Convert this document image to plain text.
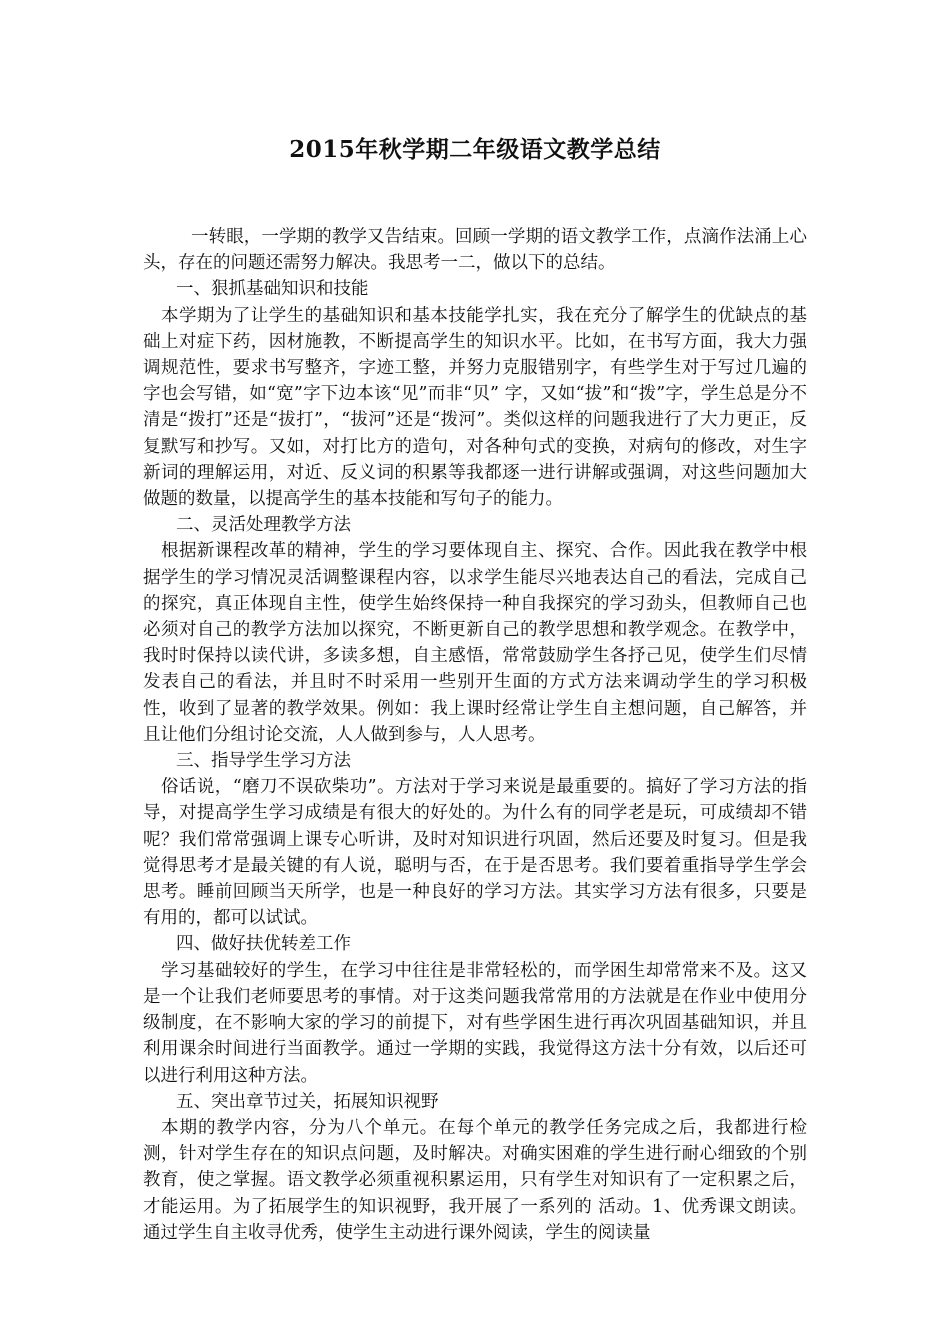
2015年秋学期二年级语文教学总结

一转眼，一学期的教学又告结束。回顾一学期的语文教学工作，点滴作法涌上心头，存在的问题还需努力解决。我思考一二，做以下的总结。

一、狠抓基础知识和技能

本学期为了让学生的基础知识和基本技能学扎实，我在充分了解学生的优缺点的基础上对症下药，因材施教，不断提高学生的知识水平。比如，在书写方面，我大力强调规范性，要求书写整齐，字迹工整，并努力克服错别字，有些学生对于写过几遍的字也会写错，如“宽”字下边本该“见”而非“贝” 字，又如“拔”和“拨”字，学生总是分不清是“拨打”还是“拔打”，“拔河”还是“拨河”。类似这样的问题我进行了大力更正，反复默写和抄写。又如，对打比方的造句，对各种句式的变换，对病句的修改，对生字新词的理解运用，对近、反义词的积累等我都逐一进行讲解或强调，对这些问题加大做题的数量，以提高学生的基本技能和写句子的能力。

二、灵活处理教学方法

根据新课程改革的精神，学生的学习要体现自主、探究、合作。因此我在教学中根据学生的学习情况灵活调整课程内容，以求学生能尽兴地表达自己的看法，完成自己的探究，真正体现自主性，使学生始终保持一种自我探究的学习劲头，但教师自己也必须对自己的教学方法加以探究，不断更新自己的教学思想和教学观念。在教学中，我时时保持以读代讲，多读多想，自主感悟，常常鼓励学生各抒己见，使学生们尽情发表自己的看法，并且时不时采用一些别开生面的方式方法来调动学生的学习积极性，收到了显著的教学效果。例如：我上课时经常让学生自主想问题，自己解答，并且让他们分组讨论交流，人人做到参与，人人思考。

三、指导学生学习方法

俗话说，“磨刀不误砍柴功”。方法对于学习来说是最重要的。搞好了学习方法的指导，对提高学生学习成绩是有很大的好处的。为什么有的同学老是玩，可成绩却不错呢？我们常常强调上课专心听讲，及时对知识进行巩固，然后还要及时复习。但是我觉得思考才是最关键的有人说，聪明与否，在于是否思考。我们要着重指导学生学会思考。睡前回顾当天所学，也是一种良好的学习方法。其实学习方法有很多，只要是有用的，都可以试试。

四、做好扶优转差工作

学习基础较好的学生，在学习中往往是非常轻松的，而学困生却常常来不及。这又是一个让我们老师要思考的事情。对于这类问题我常常用的方法就是在作业中使用分级制度，在不影响大家的学习的前提下，对有些学困生进行再次巩固基础知识，并且利用课余时间进行当面教学。通过一学期的实践，我觉得这方法十分有效，以后还可以进行利用这种方法。

五、突出章节过关，拓展知识视野

本期的教学内容，分为八个单元。在每个单元的教学任务完成之后，我都进行检测，针对学生存在的知识点问题，及时解决。对确实困难的学生进行耐心细致的个别教育，使之掌握。语文教学必须重视积累运用，只有学生对知识有了一定积累之后，才能运用。为了拓展学生的知识视野，我开展了一系列的 活动。1、优秀课文朗读。通过学生自主收寻优秀，使学生主动进行课外阅读，学生的阅读量
